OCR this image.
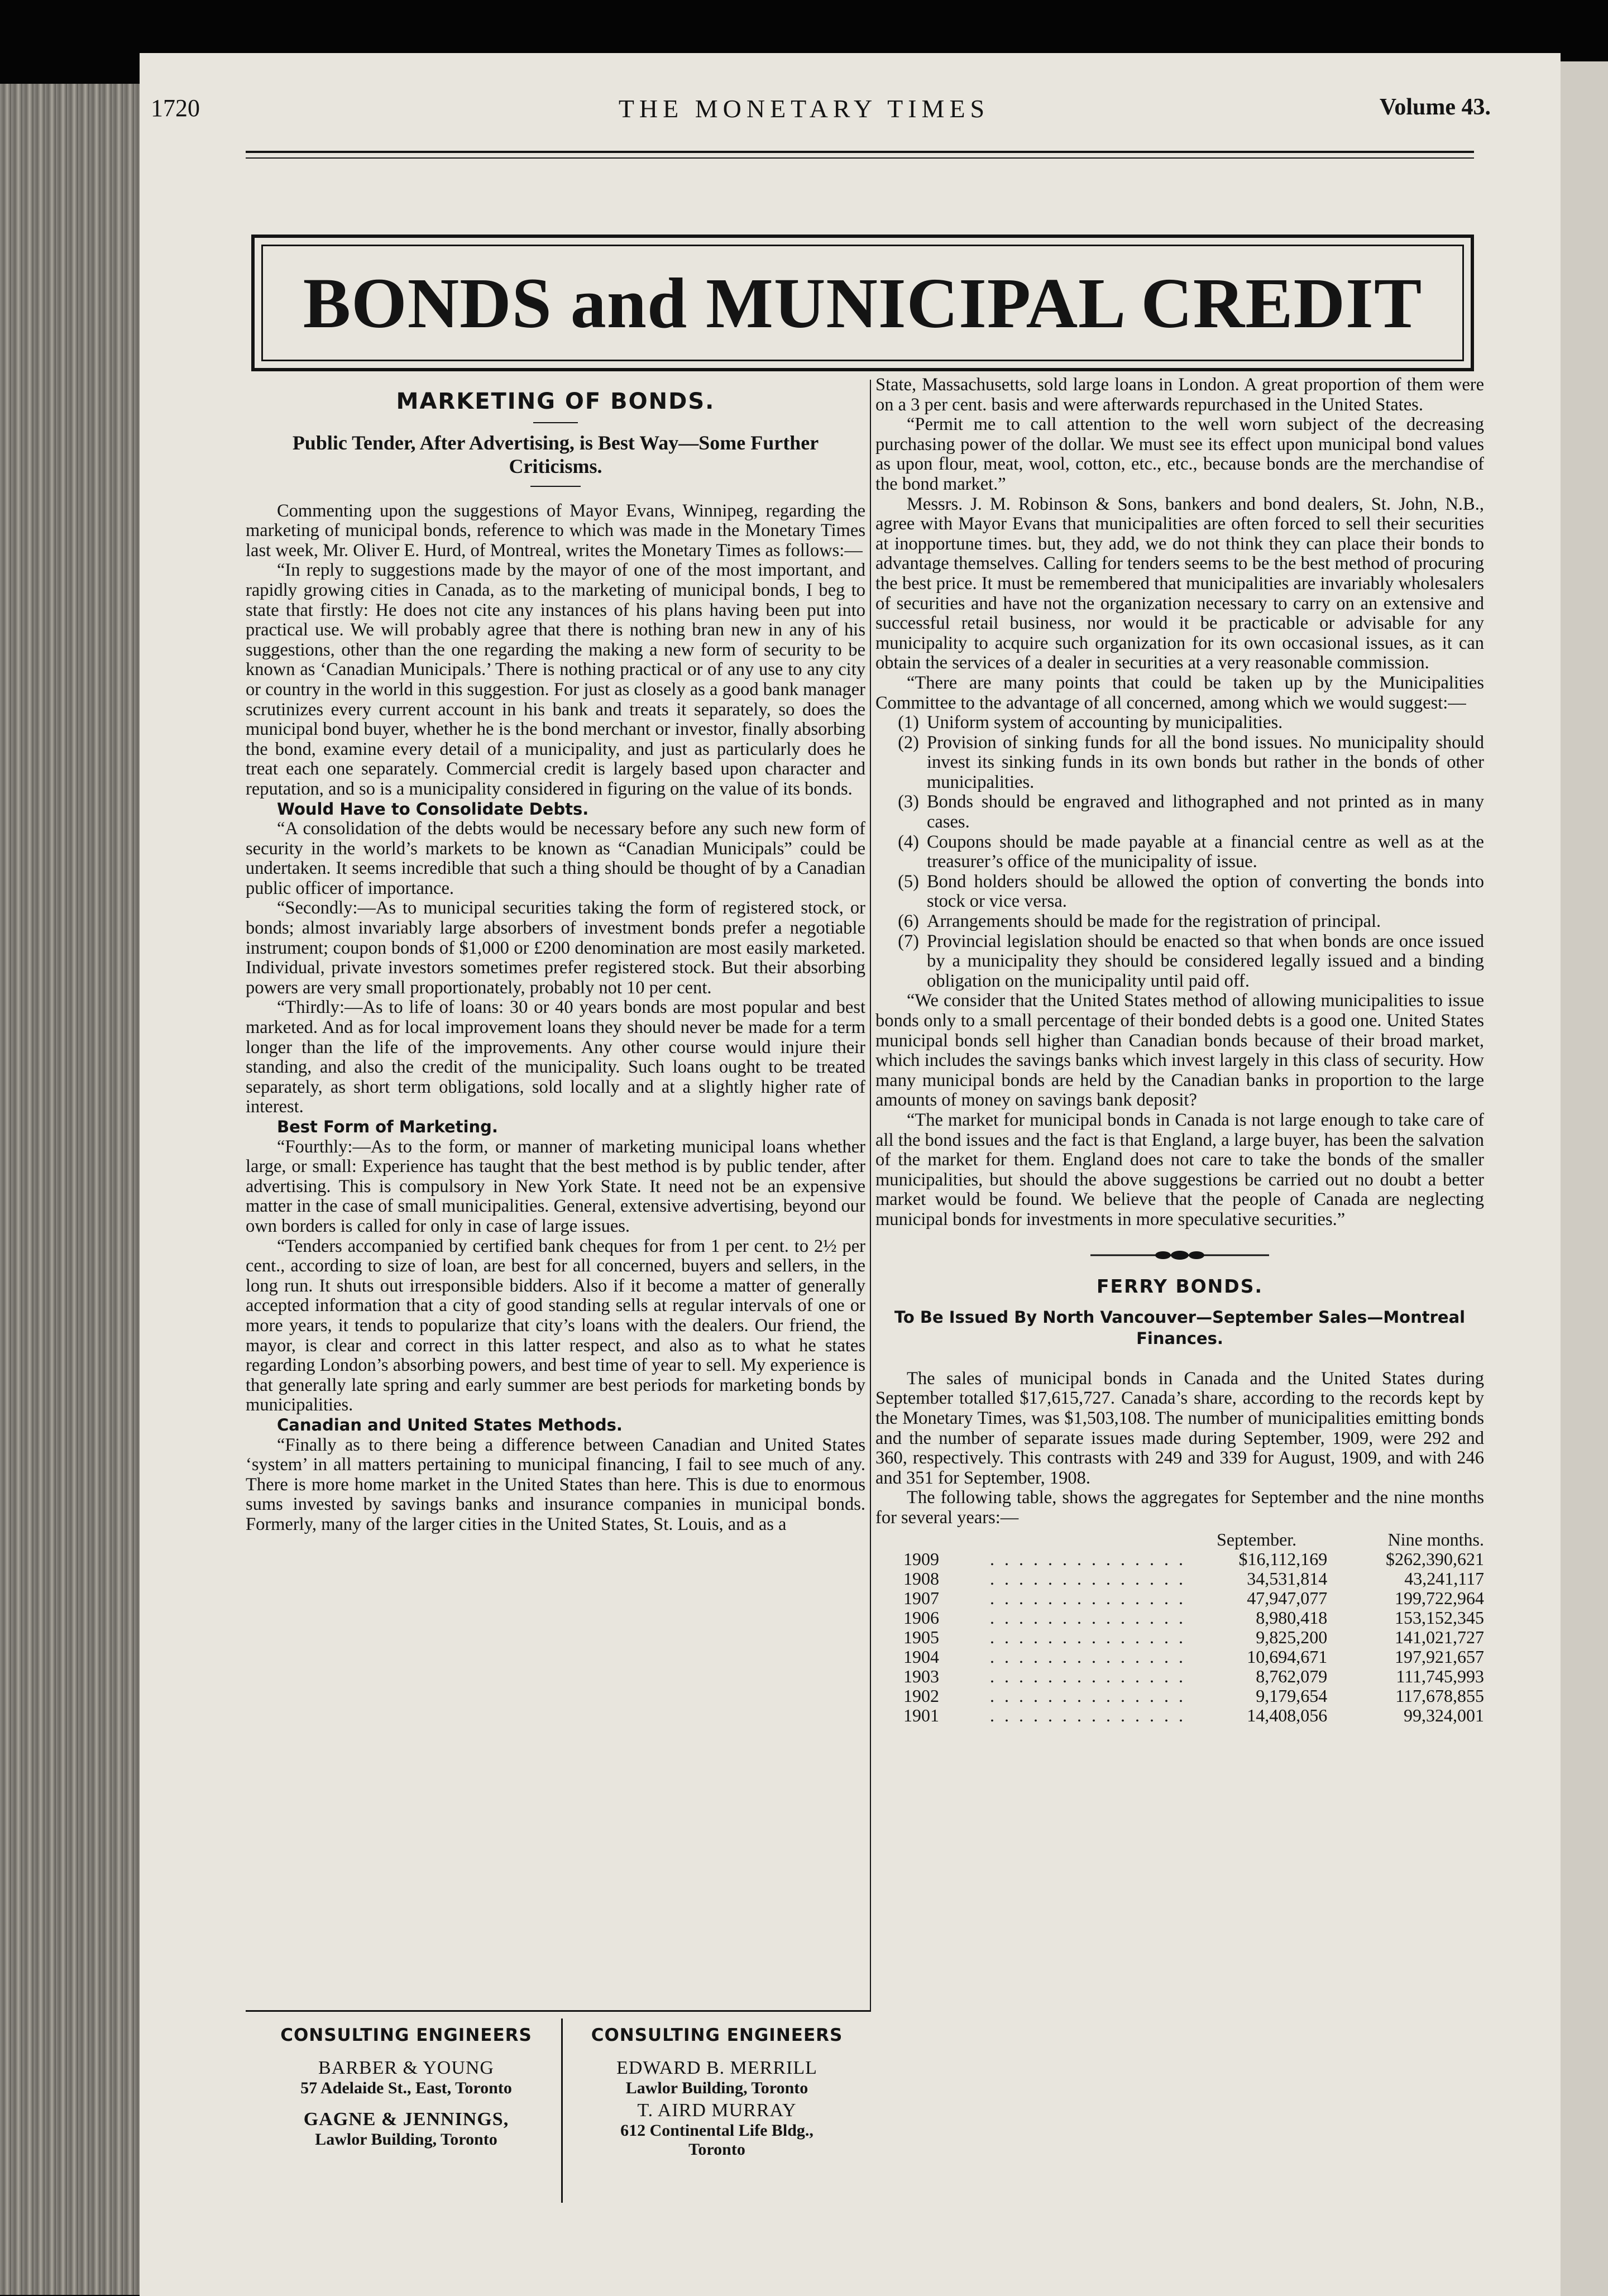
1720	THE MONETARY TIMES	Volume 43.
BONDS and MUNICIPAL CREDIT
MARKETING OF BONDS.
Public Tender, After Advertising, is Best Way—Some Further Criticisms.

Commenting upon the suggestions of Mayor Evans, Winnipeg, regarding the marketing of municipal bonds, reference to which was made in the Monetary Times last week, Mr. Oliver E. Hurd, of Montreal, writes the Monetary Times as follows:—

“In reply to suggestions made by the mayor of one of the most important, and rapidly growing cities in Canada, as to the marketing of municipal bonds, I beg to state that firstly: He does not cite any instances of his plans having been put into practical use. We will probably agree that there is nothing bran new in any of his suggestions, other than the one regarding the making a new form of security to be known as ‘Canadian Municipals.’ There is nothing practical or of any use to any city or country in the world in this suggestion. For just as closely as a good bank manager scrutinizes every current account in his bank and treats it separately, so does the municipal bond buyer, whether he is the bond merchant or investor, finally absorbing the bond, examine every detail of a municipality, and just as particularly does he treat each one separately. Commercial credit is largely based upon character and reputation, and so is a municipality considered in figuring on the value of its bonds.

Would Have to Consolidate Debts.

“A consolidation of the debts would be necessary before any such new form of security in the world’s markets to be known as “Canadian Municipals” could be undertaken. It seems incredible that such a thing should be thought of by a Canadian public officer of importance.

“Secondly:—As to municipal securities taking the form of registered stock, or bonds; almost invariably large absorbers of investment bonds prefer a negotiable instrument; coupon bonds of $1,000 or £200 denomination are most easily marketed. Individual, private investors sometimes prefer registered stock. But their absorbing powers are very small proportionately, probably not 10 per cent.

“Thirdly:—As to life of loans: 30 or 40 years bonds are most popular and best marketed. And as for local improvement loans they should never be made for a term longer than the life of the improvements. Any other course would injure their standing, and also the credit of the municipality. Such loans ought to be treated separately, as short term obligations, sold locally and at a slightly higher rate of interest.

Best Form of Marketing.

“Fourthly:—As to the form, or manner of marketing municipal loans whether large, or small: Experience has taught that the best method is by public tender, after advertising. This is compulsory in New York State. It need not be an expensive matter in the case of small municipalities. General, extensive advertising, beyond our own borders is called for only in case of large issues.

“Tenders accompanied by certified bank cheques for from 1 per cent. to 2½ per cent., according to size of loan, are best for all concerned, buyers and sellers, in the long run. It shuts out irresponsible bidders. Also if it become a matter of generally accepted information that a city of good standing sells at regular intervals of one or more years, it tends to popularize that city’s loans with the dealers. Our friend, the mayor, is clear and correct in this latter respect, and also as to what he states regarding London’s absorbing powers, and best time of year to sell. My experience is that generally late spring and early summer are best periods for marketing bonds by municipalities.

Canadian and United States Methods.

“Finally as to there being a difference between Canadian and United States ‘system’ in all matters pertaining to municipal financing, I fail to see much of any. There is more home market in the United States than here. This is due to enormous sums invested by savings banks and insurance companies in municipal bonds. Formerly, many of the larger cities in the United States, St. Louis, and as a

State, Massachusetts, sold large loans in London. A great proportion of them were on a 3 per cent. basis and were afterwards repurchased in the United States.

“Permit me to call attention to the well worn subject of the decreasing purchasing power of the dollar. We must see its effect upon municipal bond values as upon flour, meat, wool, cotton, etc., etc., because bonds are the merchandise of the bond market.”

Messrs. J. M. Robinson & Sons, bankers and bond dealers, St. John, N.B., agree with Mayor Evans that municipalities are often forced to sell their securities at inopportune times. but, they add, we do not think they can place their bonds to advantage themselves. Calling for tenders seems to be the best method of procuring the best price. It must be remembered that municipalities are invariably wholesalers of securities and have not the organization necessary to carry on an extensive and successful retail business, nor would it be practicable or advisable for any municipality to acquire such organization for its own occasional issues, as it can obtain the services of a dealer in securities at a very reasonable commission.

“There are many points that could be taken up by the Municipalities Committee to the advantage of all concerned, among which we would suggest:—

(1) Uniform system of accounting by municipalities.
(2) Provision of sinking funds for all the bond issues. No municipality should invest its sinking funds in its own bonds but rather in the bonds of other municipalities.
(3) Bonds should be engraved and lithographed and not printed as in many cases.
(4) Coupons should be made payable at a financial centre as well as at the treasurer’s office of the municipality of issue.
(5) Bond holders should be allowed the option of converting the bonds into stock or vice versa.
(6) Arrangements should be made for the registration of principal.
(7) Provincial legislation should be enacted so that when bonds are once issued by a municipality they should be considered legally issued and a binding obligation on the municipality until paid off.

“We consider that the United States method of allowing municipalities to issue bonds only to a small percentage of their bonded debts is a good one. United States municipal bonds sell higher than Canadian bonds because of their broad market, which includes the savings banks which invest largely in this class of security. How many municipal bonds are held by the Canadian banks in proportion to the large amounts of money on savings bank deposit?

“The market for municipal bonds in Canada is not large enough to take care of all the bond issues and the fact is that England, a large buyer, has been the salvation of the market for them. England does not care to take the bonds of the smaller municipalities, but should the above suggestions be carried out no doubt a better market would be found. We believe that the people of Canada are neglecting municipal bonds for investments in more speculative securities.”

FERRY BONDS.
To Be Issued By North Vancouver—September Sales—Montreal Finances.

The sales of municipal bonds in Canada and the United States during September totalled $17,615,727. Canada’s share, according to the records kept by the Monetary Times, was $1,503,108. The number of municipalities emitting bonds and the number of separate issues made during September, 1909, were 292 and 360, respectively. This contrasts with 249 and 339 for August, 1909, and with 246 and 351 for September, 1908.

The following table, shows the aggregates for September and the nine months for several years:—

		September.	Nine months.
1909	. . . . . . . . . . . . . .	$16,112,169	$262,390,621
1908	. . . . . . . . . . . . . .	34,531,814	43,241,117
1907	. . . . . . . . . . . . . .	47,947,077	199,722,964
1906	. . . . . . . . . . . . . .	8,980,418	153,152,345
1905	. . . . . . . . . . . . . .	9,825,200	141,021,727
1904	. . . . . . . . . . . . . .	10,694,671	197,921,657
1903	. . . . . . . . . . . . . .	8,762,079	111,745,993
1902	. . . . . . . . . . . . . .	9,179,654	117,678,855
1901	. . . . . . . . . . . . . .	14,408,056	99,324,001
CONSULTING ENGINEERS
BARBER & YOUNG
57 Adelaide St., East, Toronto
GAGNE & JENNINGS,
Lawlor Building, Toronto
CONSULTING ENGINEERS
EDWARD B. MERRILL
Lawlor Building, Toronto
T. AIRD MURRAY
612 Continental Life Bldg.,
Toronto
